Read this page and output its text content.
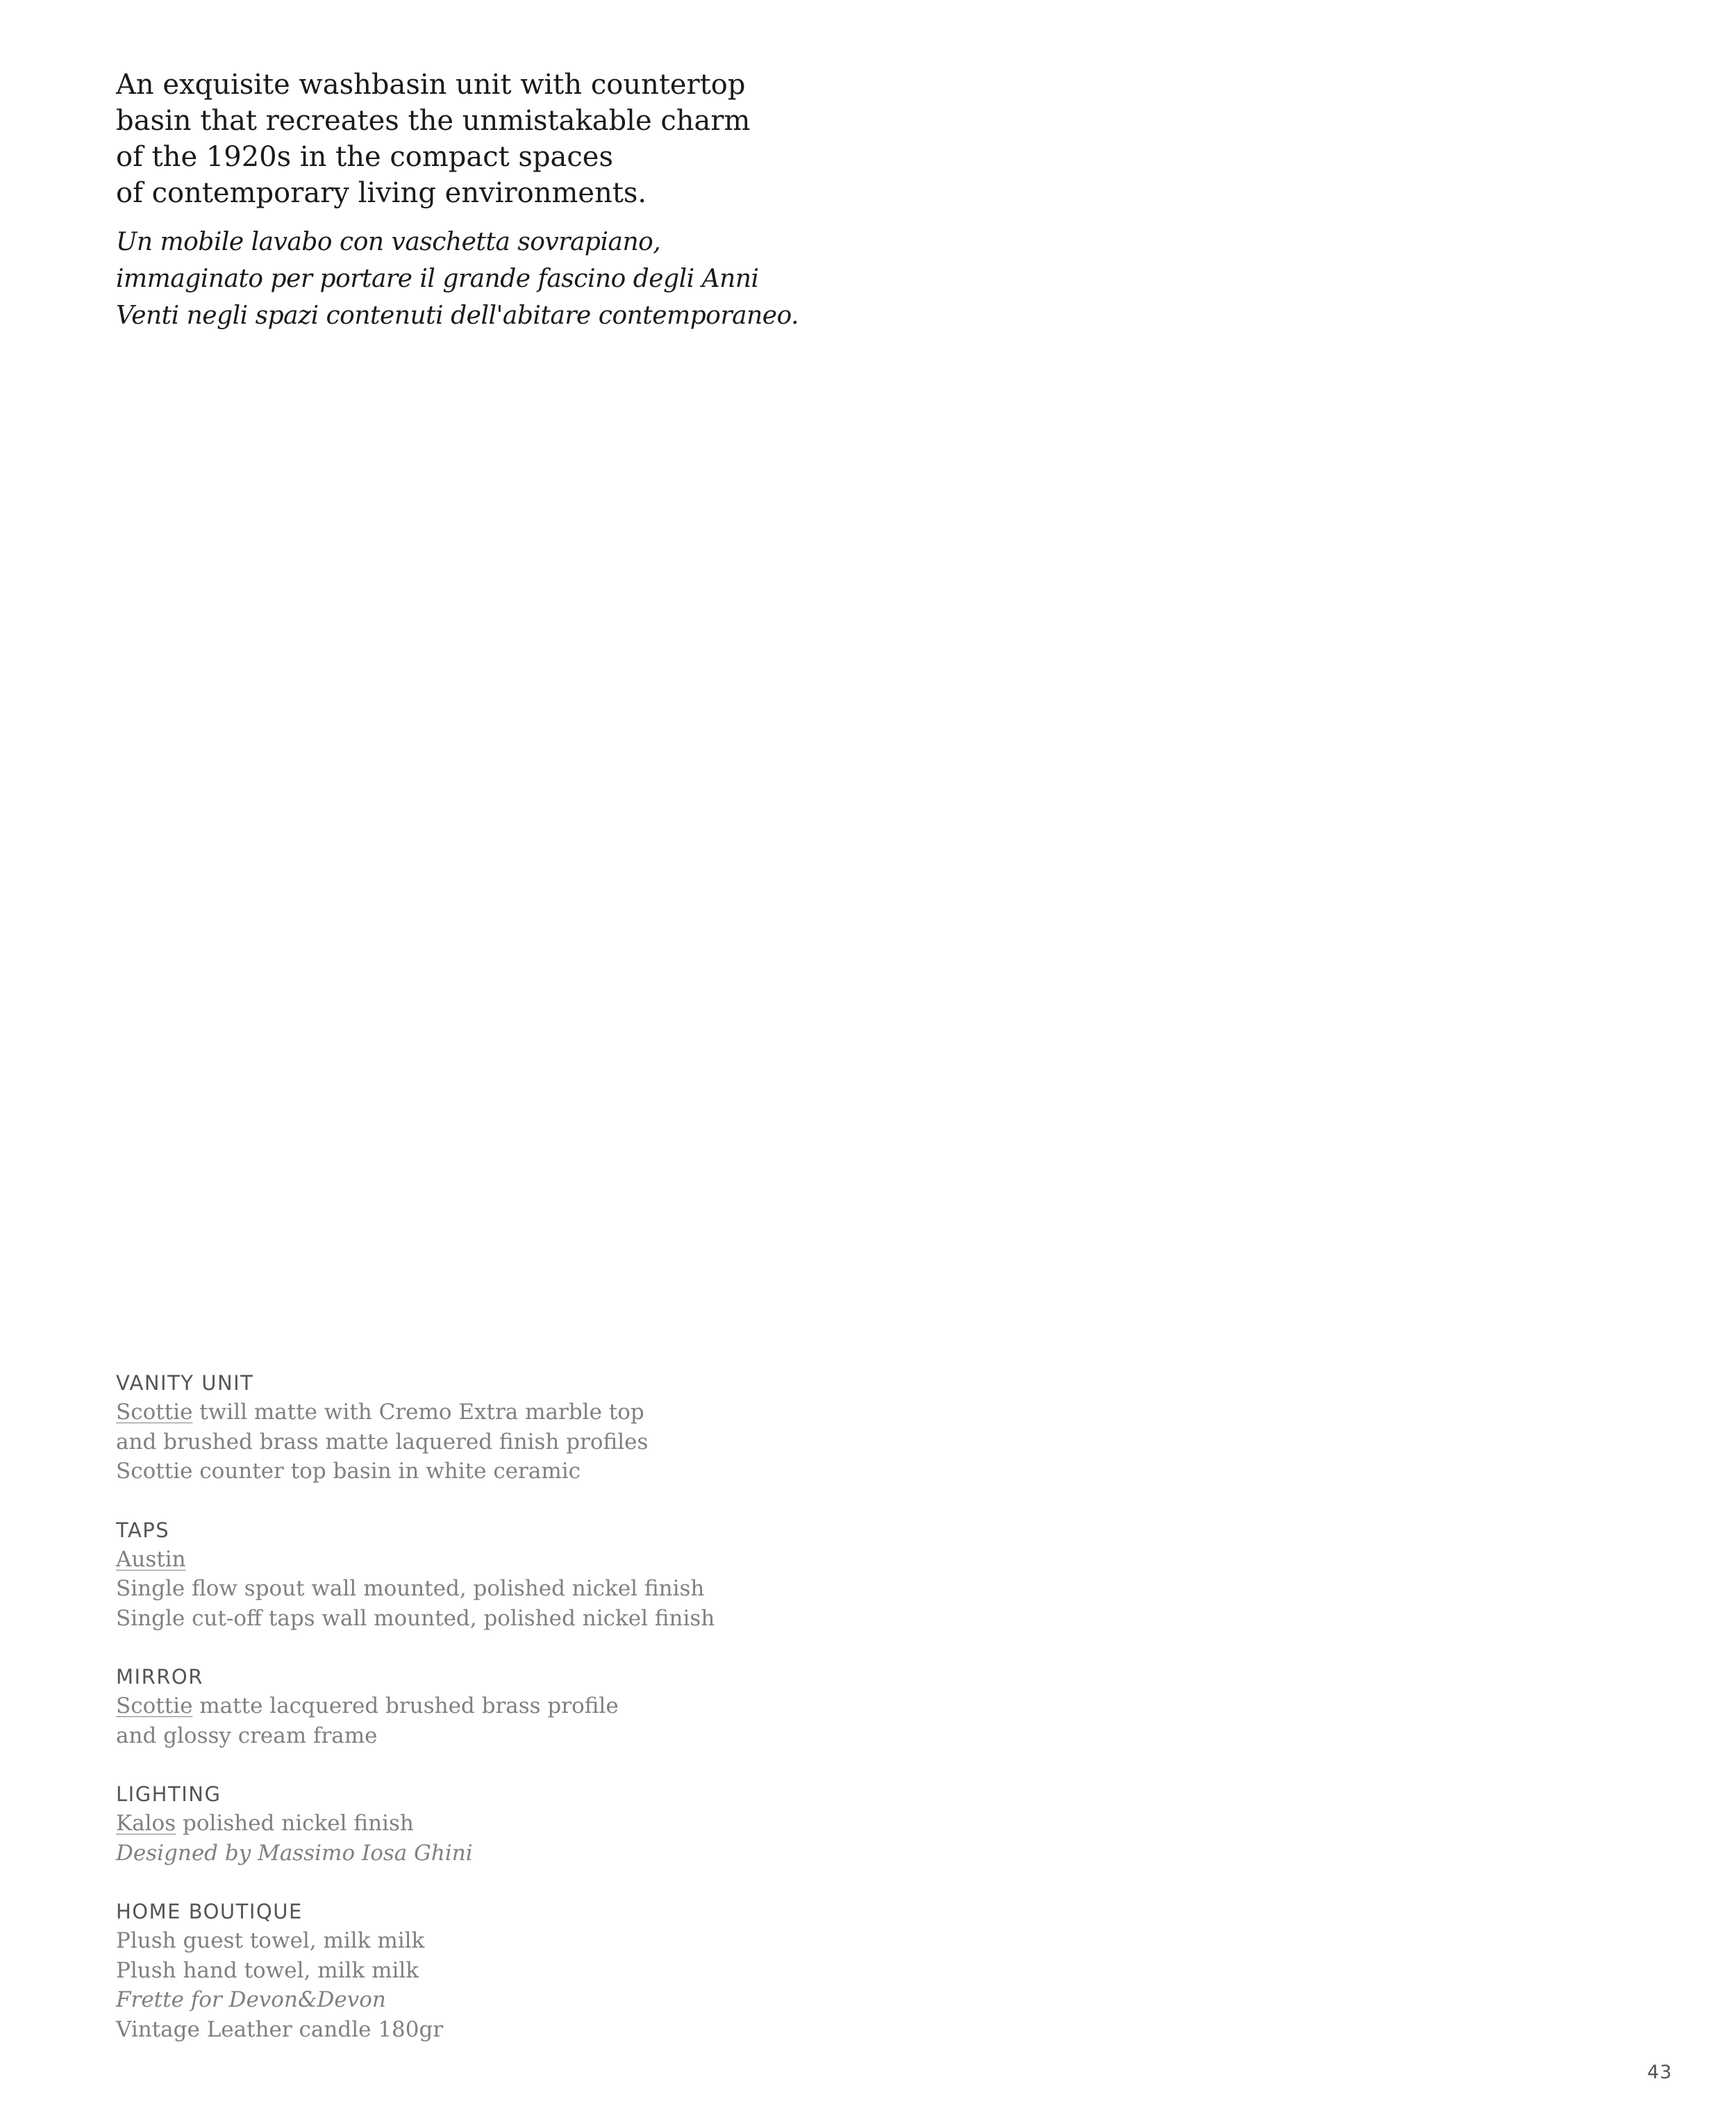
An exquisite washbasin unit with countertop
basin that recreates the unmistakable charm
of the 1920s in the compact spaces
of contemporary living environments.

Un mobile lavabo con vaschetta sovrapiano,
immaginato per portare il grande fascino degli Anni
Venti negli spazi contenuti dell'abitare contemporaneo.

VANITY UNIT
Scottie twill matte with Cremo Extra marble top
and brushed brass matte laquered finish profiles
Scottie counter top basin in white ceramic
TAPS
Austin
Single flow spout wall mounted, polished nickel finish
Single cut-off taps wall mounted, polished nickel finish
MIRROR
Scottie matte lacquered brushed brass profile
and glossy cream frame
LIGHTING
Kalos polished nickel finish
Designed by Massimo Iosa Ghini
HOME BOUTIQUE
Plush guest towel, milk milk
Plush hand towel, milk milk
Frette for Devon&Devon
Vintage Leather candle 180gr
43
